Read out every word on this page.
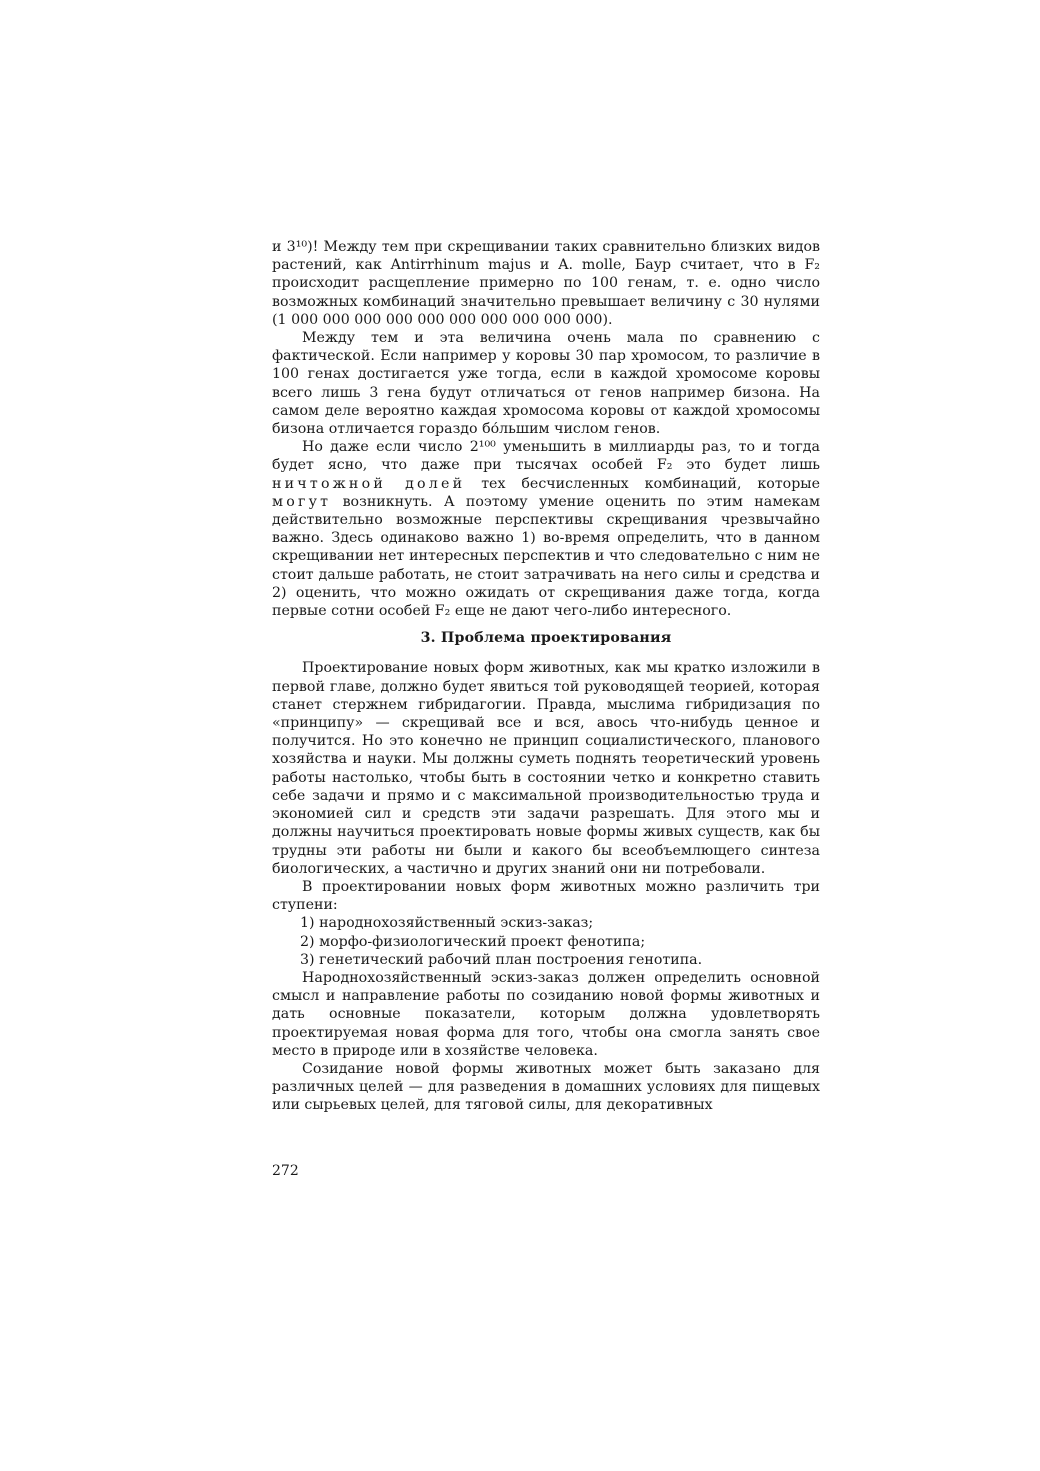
и 3¹⁰)! Между тем при скрещивании таких сравнительно близких видов растений, как Antirrhinum majus и A. molle, Баур считает, что в F₂ происходит расщепление примерно по 100 генам, т. е. одно число возможных комбинаций значительно превышает величину с 30 нулями (1 000 000 000 000 000 000 000 000 000 000).

Между тем и эта величина очень мала по сравнению с фактической. Если например у коровы 30 пар хромосом, то различие в 100 генах достигается уже тогда, если в каждой хромосоме коровы всего лишь 3 гена будут отличаться от генов например бизона. На самом деле вероятно каждая хромосома коровы от каждой хромосомы бизона отличается гораздо бо́льшим числом генов.

Но даже если число 2¹⁰⁰ уменьшить в миллиарды раз, то и тогда будет ясно, что даже при тысячах особей F₂ это будет лишь ничтожной долей тех бесчисленных комбинаций, которые могут возникнуть. А поэтому умение оценить по этим намекам действительно возможные перспективы скрещивания чрезвычайно важно. Здесь одинаково важно 1) во-время определить, что в данном скрещивании нет интересных перспектив и что следовательно с ним не стоит дальше работать, не стоит затрачивать на него силы и средства и 2) оценить, что можно ожидать от скрещивания даже тогда, когда первые сотни особей F₂ еще не дают чего-либо интересного.

3. Проблема проектирования

Проектирование новых форм животных, как мы кратко изложили в первой главе, должно будет явиться той руководящей теорией, которая станет стержнем гибридагогии. Правда, мыслима гибридизация по «принципу» — скрещивай все и вся, авось что-нибудь ценное и получится. Но это конечно не принцип социалистического, планового хозяйства и науки. Мы должны суметь поднять теоретический уровень работы настолько, чтобы быть в состоянии четко и конкретно ставить себе задачи и прямо и с максимальной производительностью труда и экономией сил и средств эти задачи разрешать. Для этого мы и должны научиться проектировать новые формы живых существ, как бы трудны эти работы ни были и какого бы всеобъемлющего синтеза биологических, а частично и других знаний они ни потребовали.

В проектировании новых форм животных можно различить три ступени:

1) народнохозяйственный эскиз-заказ;

2) морфо-физиологический проект фенотипа;

3) генетический рабочий план построения генотипа.

Народнохозяйственный эскиз-заказ должен определить основной смысл и направление работы по созиданию новой формы животных и дать основные показатели, которым должна удовлетворять проектируемая новая форма для того, чтобы она смогла занять свое место в природе или в хозяйстве человека.

Созидание новой формы животных может быть заказано для различных целей — для разведения в домашних условиях для пищевых или сырьевых целей, для тяговой силы, для декоративных

272
